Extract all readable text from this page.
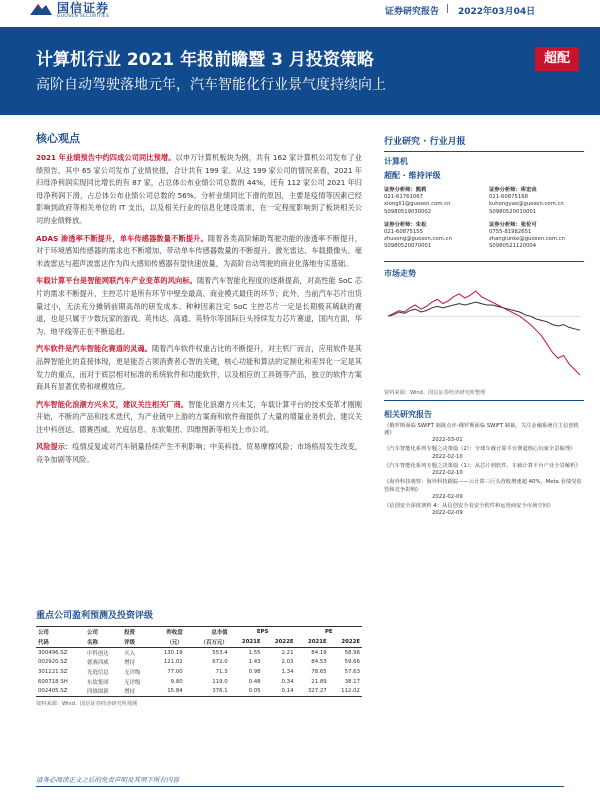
国信证券
GUOSEN SECURITIES	证券研究报告 | 2022年03月04日
计算机行业 2021 年报前瞻暨 3 月投资策略
高阶自动驾驶落地元年，汽车智能化行业景气度持续向上
超配
核心观点

2021 年业绩预告中约四成公司同比预增。以申万计算机板块为例，共有 162 家计算机公司发布了业绩预告，其中 65 家公司发布了业绩快报，合计共有 199 家。从这 199 家公司的情况来看，2021 年归母净利润实现同比增长的有 87 家，占总体公布业绩公司总数的 44%，还有 112 家公司 2021 年归母净利润下滑，占总体公布业绩公司总数的 56%。分析业绩同比下滑的原因，主要是疫情等因素已经影响到政府等相关单位的 IT 支出，以及相关行业的信息化建设需求，在一定程度影响到了板块相关公司的业绩释放。

ADAS 渗透率不断提升，单车传感器数量不断提升。随着各类高阶辅助驾驶功能的渗透率不断提升，对于环境感知传感器的需求也不断增加，带动单车传感器数量的不断提升。激光雷达、车载摄像头、毫米波雷达与超声波雷达作为四大感知传感器有望快速放量，为高阶自动驾驶的商业化落地夯实基础。

车载计算平台是智能网联汽车产业变革的风向标。随着汽车智能化程度的逐渐提高，对高性能 SoC 芯片的需求不断提升，主控芯片是所有环节中壁垒最高、商业模式最佳的环节；此外，当前汽车芯片出货量过小，无法充分摊销前期高昂的研发成本。种种因素注定 SoC 主控芯片一定是长期极其稀缺的赛道，也是只属于少数玩家的游戏。英伟达、高通、英特尔等国际巨头持续发力芯片赛道，国内方面，华为、地平线等正在不断追赶。

汽车软件是汽车智能化赛道的灵魂。随着汽车软件权重占比的不断提升，对主机厂而言，应用软件是其品牌智能化的直接体现，更是能否占领消费者心智的关键，核心功能和算法的定制化和差异化一定是其发力的重点，而对于底层相对标准的系统软件和功能软件，以及相应的工具链等产品，独立的软件方案商具有显著优势和规模效应。

汽车智能化浪潮方兴未艾，建议关注相关厂商。智能化浪潮方兴未艾，车载计算平台的技术变革才刚刚开始，不断的产品和技术迭代，为产业链中上游的方案商和软件商提供了大量的增量业务机会，建议关注中科创达、德赛西威、光庭信息、东软集团、四维图新等相关上市公司。

风险提示：疫情反复或对汽车销量持续产生不利影响；中美科技、贸易摩擦风险；市场格局发生改变，竞争加剧等风险。

重点公司盈利预测及投资评级
公司	公司	投资	昨收盘	总市值	EPS		PE	
代码	名称	评级	（元）	（百万元）	2021E	2022E	2021E	2022E
300496.SZ	中科创达	买入	130.19	553.4	1.55	2.21	84.19	58.96
002920.SZ	德赛西威	增持	121.02	672.0	1.43	2.03	84.53	59.66
301221.SZ	光庭信息	无评级	77.00	71.3	0.98	1.34	78.65	57.63
600718.SH	东软集团	无评级	9.80	119.0	0.48	0.34	21.89	38.17
002405.SZ	四维图新	增持	15.84	376.1	0.05	0.14	327.27	112.02
资料来源：Wind、国信证券经济研究所预测
行业研究 · 行业月报
计算机
超配 · 维持评级
证券分析师：熊莉
021-61761067
xiongli1@guosen.com.cn
S0980519030002
证券分析师：库宏垚
021-60875168
kuhongyao@guosen.com.cn
S0980520010001
证券分析师：朱松
021-60875155
zhusong@guosen.com.cn
S0980520070001
证券分析师：张伦可
0755-81982651
zhanglunke@guosen.com.cn
S0980521120004
市场走势
资料来源：Wind、国信证券经济研究所整理
相关研究报告
《俄罗斯面临 SWIFT 制裁点评-俄罗斯面临 SWIFT 制裁，关注金融系统自主信创机遇》
2022-03-01
《汽车智能化系列专题之决策篇（2）：全球车载计算平台赛道核心玩家全景梳理》
2022-02-10
《汽车智能化系列专题之决策篇（1）：从芯片到软件，车载计算平台产业全景解析》
2022-02-10
《海外科技观察：海外科技跟踪——云计算三巨头营收增速超 40%，Meta 业绩受监管和竞争影响》
2022-02-09
《信创安全深度剖析 4：从信创安全看安全软件和运营商安全市场空间》
2022-02-09
请务必阅读正文之后的免责声明及其项下所有内容
